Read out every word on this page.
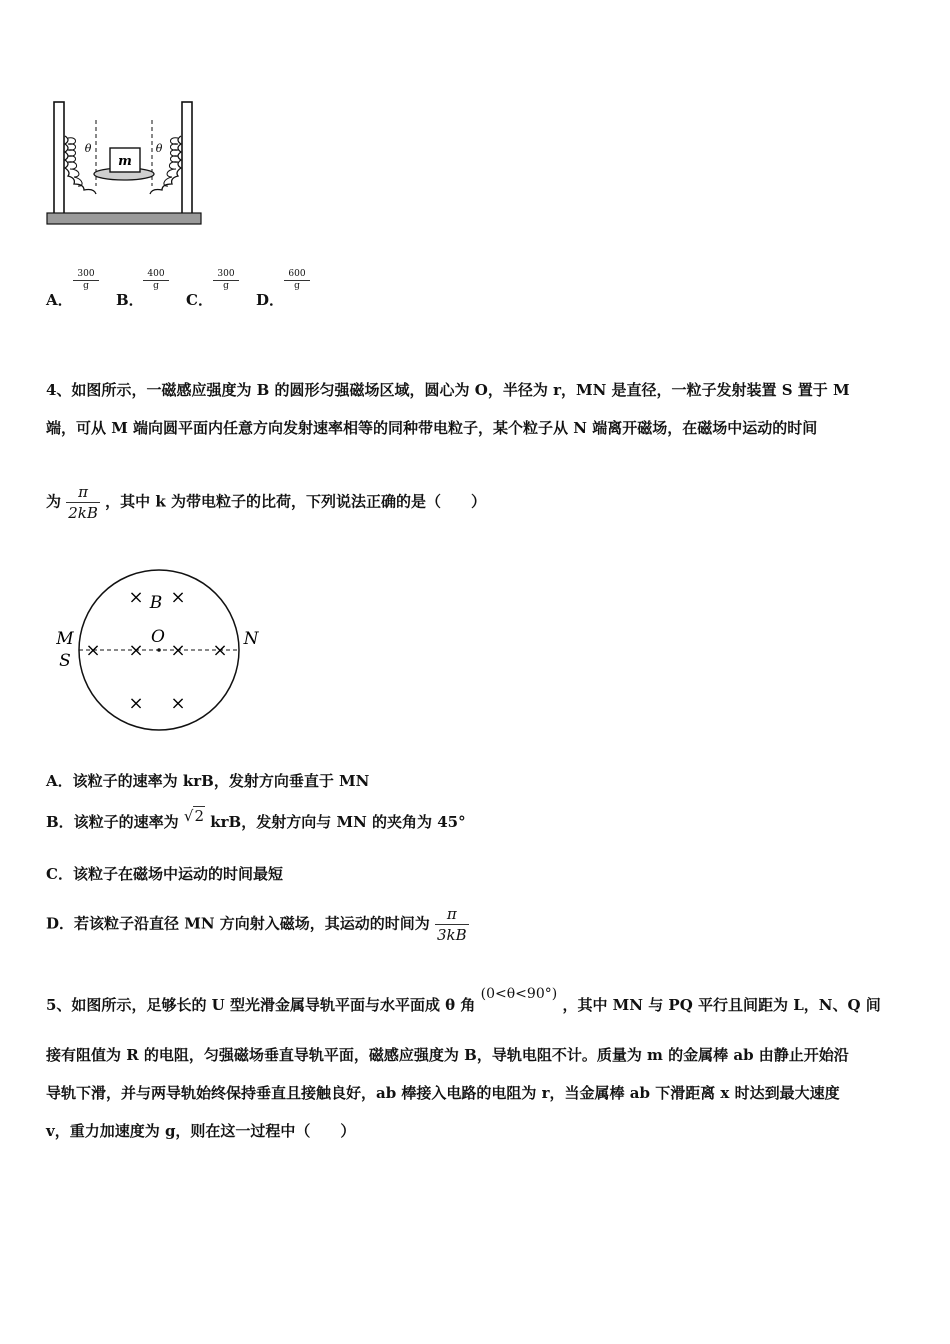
m
θ	θ
A．
$\frac{300}{g}$
B．
$\frac{400}{g}$
C．
$\frac{300}{g}$
D．
$\frac{600}{g}$
4、如图所示，一磁感应强度为 B 的圆形匀强磁场区域，圆心为 O，半径为 r，MN 是直径，一粒子发射装置 S 置于 M
端，可从 M 端向圆平面内任意方向发射速率相等的同种带电粒子，某个粒子从 N 端离开磁场，在磁场中运动的时间
为 $\frac{\pi}{2kB}$ ，其中 k 为带电粒子的比荷，下列说法正确的是（　　）
O
B
M
S
N
× ×
× × × ×
× ×
A．该粒子的速率为 krB，发射方向垂直于 MN
B．该粒子的速率为 √2 krB，发射方向与 MN 的夹角为 45°
C．该粒子在磁场中运动的时间最短
D．若该粒子沿直径 MN 方向射入磁场，其运动的时间为 $\frac{\pi}{3kB}$
5、如图所示，足够长的 U 型光滑金属导轨平面与水平面成 θ 角 (0<θ<90°) ，其中 MN 与 PQ 平行且间距为 L，N、Q 间
接有阻值为 R 的电阻，匀强磁场垂直导轨平面，磁感应强度为 B，导轨电阻不计。质量为 m 的金属棒 ab 由静止开始沿
导轨下滑，并与两导轨始终保持垂直且接触良好，ab 棒接入电路的电阻为 r，当金属棒 ab 下滑距离 x 时达到最大速度
v，重力加速度为 g，则在这一过程中（　　）
